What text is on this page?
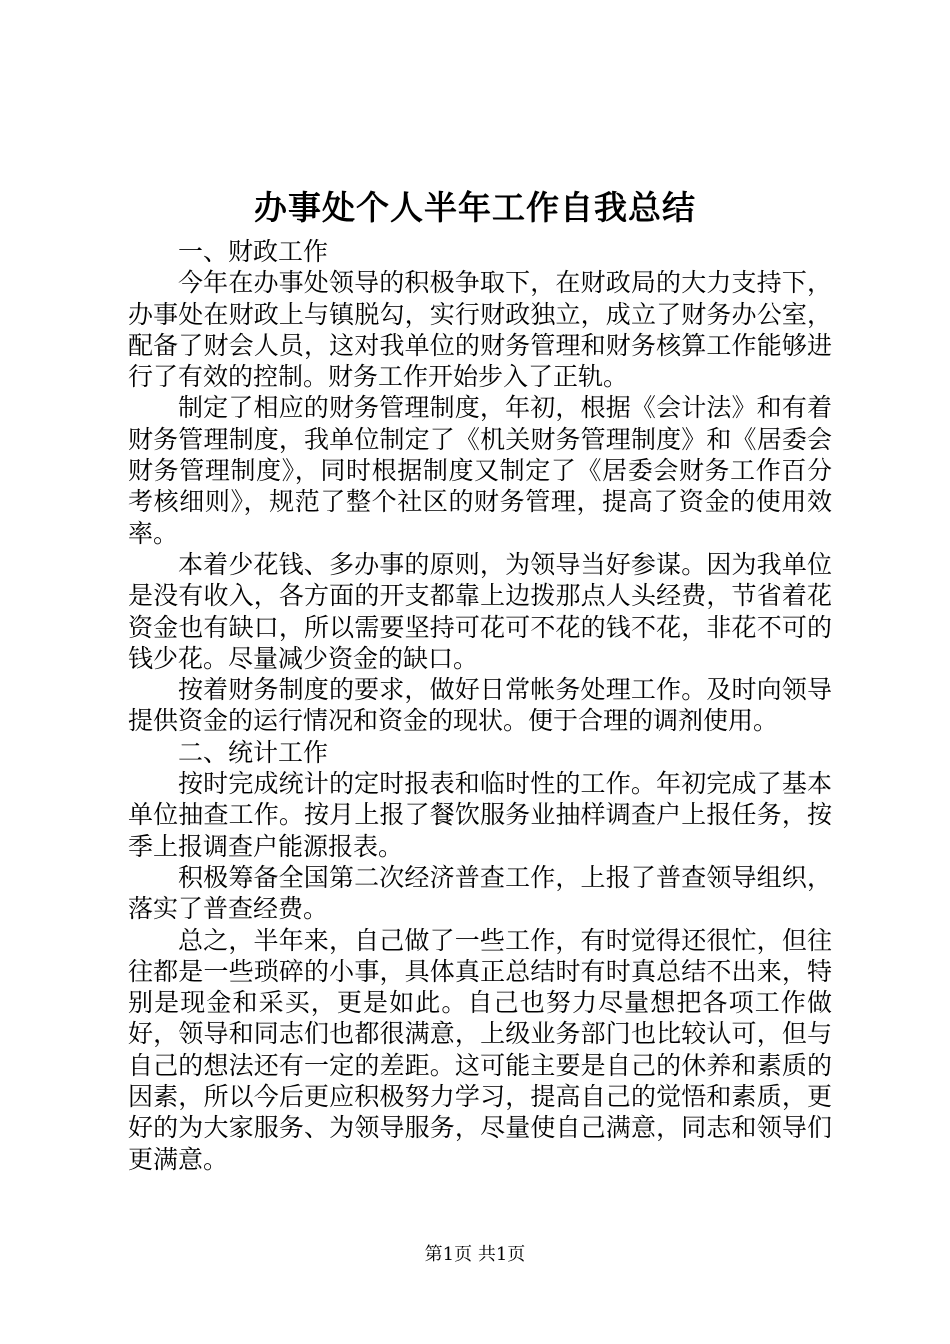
办事处个人半年工作自我总结

一、财政工作

今年在办事处领导的积极争取下，在财政局的大力支持下，办事处在财政上与镇脱勾，实行财政独立，成立了财务办公室，配备了财会人员，这对我单位的财务管理和财务核算工作能够进行了有效的控制。财务工作开始步入了正轨。

制定了相应的财务管理制度，年初，根据《会计法》和有着财务管理制度，我单位制定了《机关财务管理制度》和《居委会财务管理制度》，同时根据制度又制定了《居委会财务工作百分考核细则》，规范了整个社区的财务管理，提高了资金的使用效率。

本着少花钱、多办事的原则，为领导当好参谋。因为我单位是没有收入，各方面的开支都靠上边拨那点人头经费，节省着花资金也有缺口，所以需要坚持可花可不花的钱不花，非花不可的钱少花。尽量减少资金的缺口。

按着财务制度的要求，做好日常帐务处理工作。及时向领导提供资金的运行情况和资金的现状。便于合理的调剂使用。

二、统计工作

按时完成统计的定时报表和临时性的工作。年初完成了基本单位抽查工作。按月上报了餐饮服务业抽样调查户上报任务，按季上报调查户能源报表。

积极筹备全国第二次经济普查工作，上报了普查领导组织，落实了普查经费。

总之，半年来，自己做了一些工作，有时觉得还很忙，但往往都是一些琐碎的小事，具体真正总结时有时真总结不出来，特别是现金和采买，更是如此。自己也努力尽量想把各项工作做好，领导和同志们也都很满意，上级业务部门也比较认可，但与自己的想法还有一定的差距。这可能主要是自己的休养和素质的因素，所以今后更应积极努力学习，提高自己的觉悟和素质，更好的为大家服务、为领导服务，尽量使自己满意，同志和领导们更满意。

第1页 共1页
